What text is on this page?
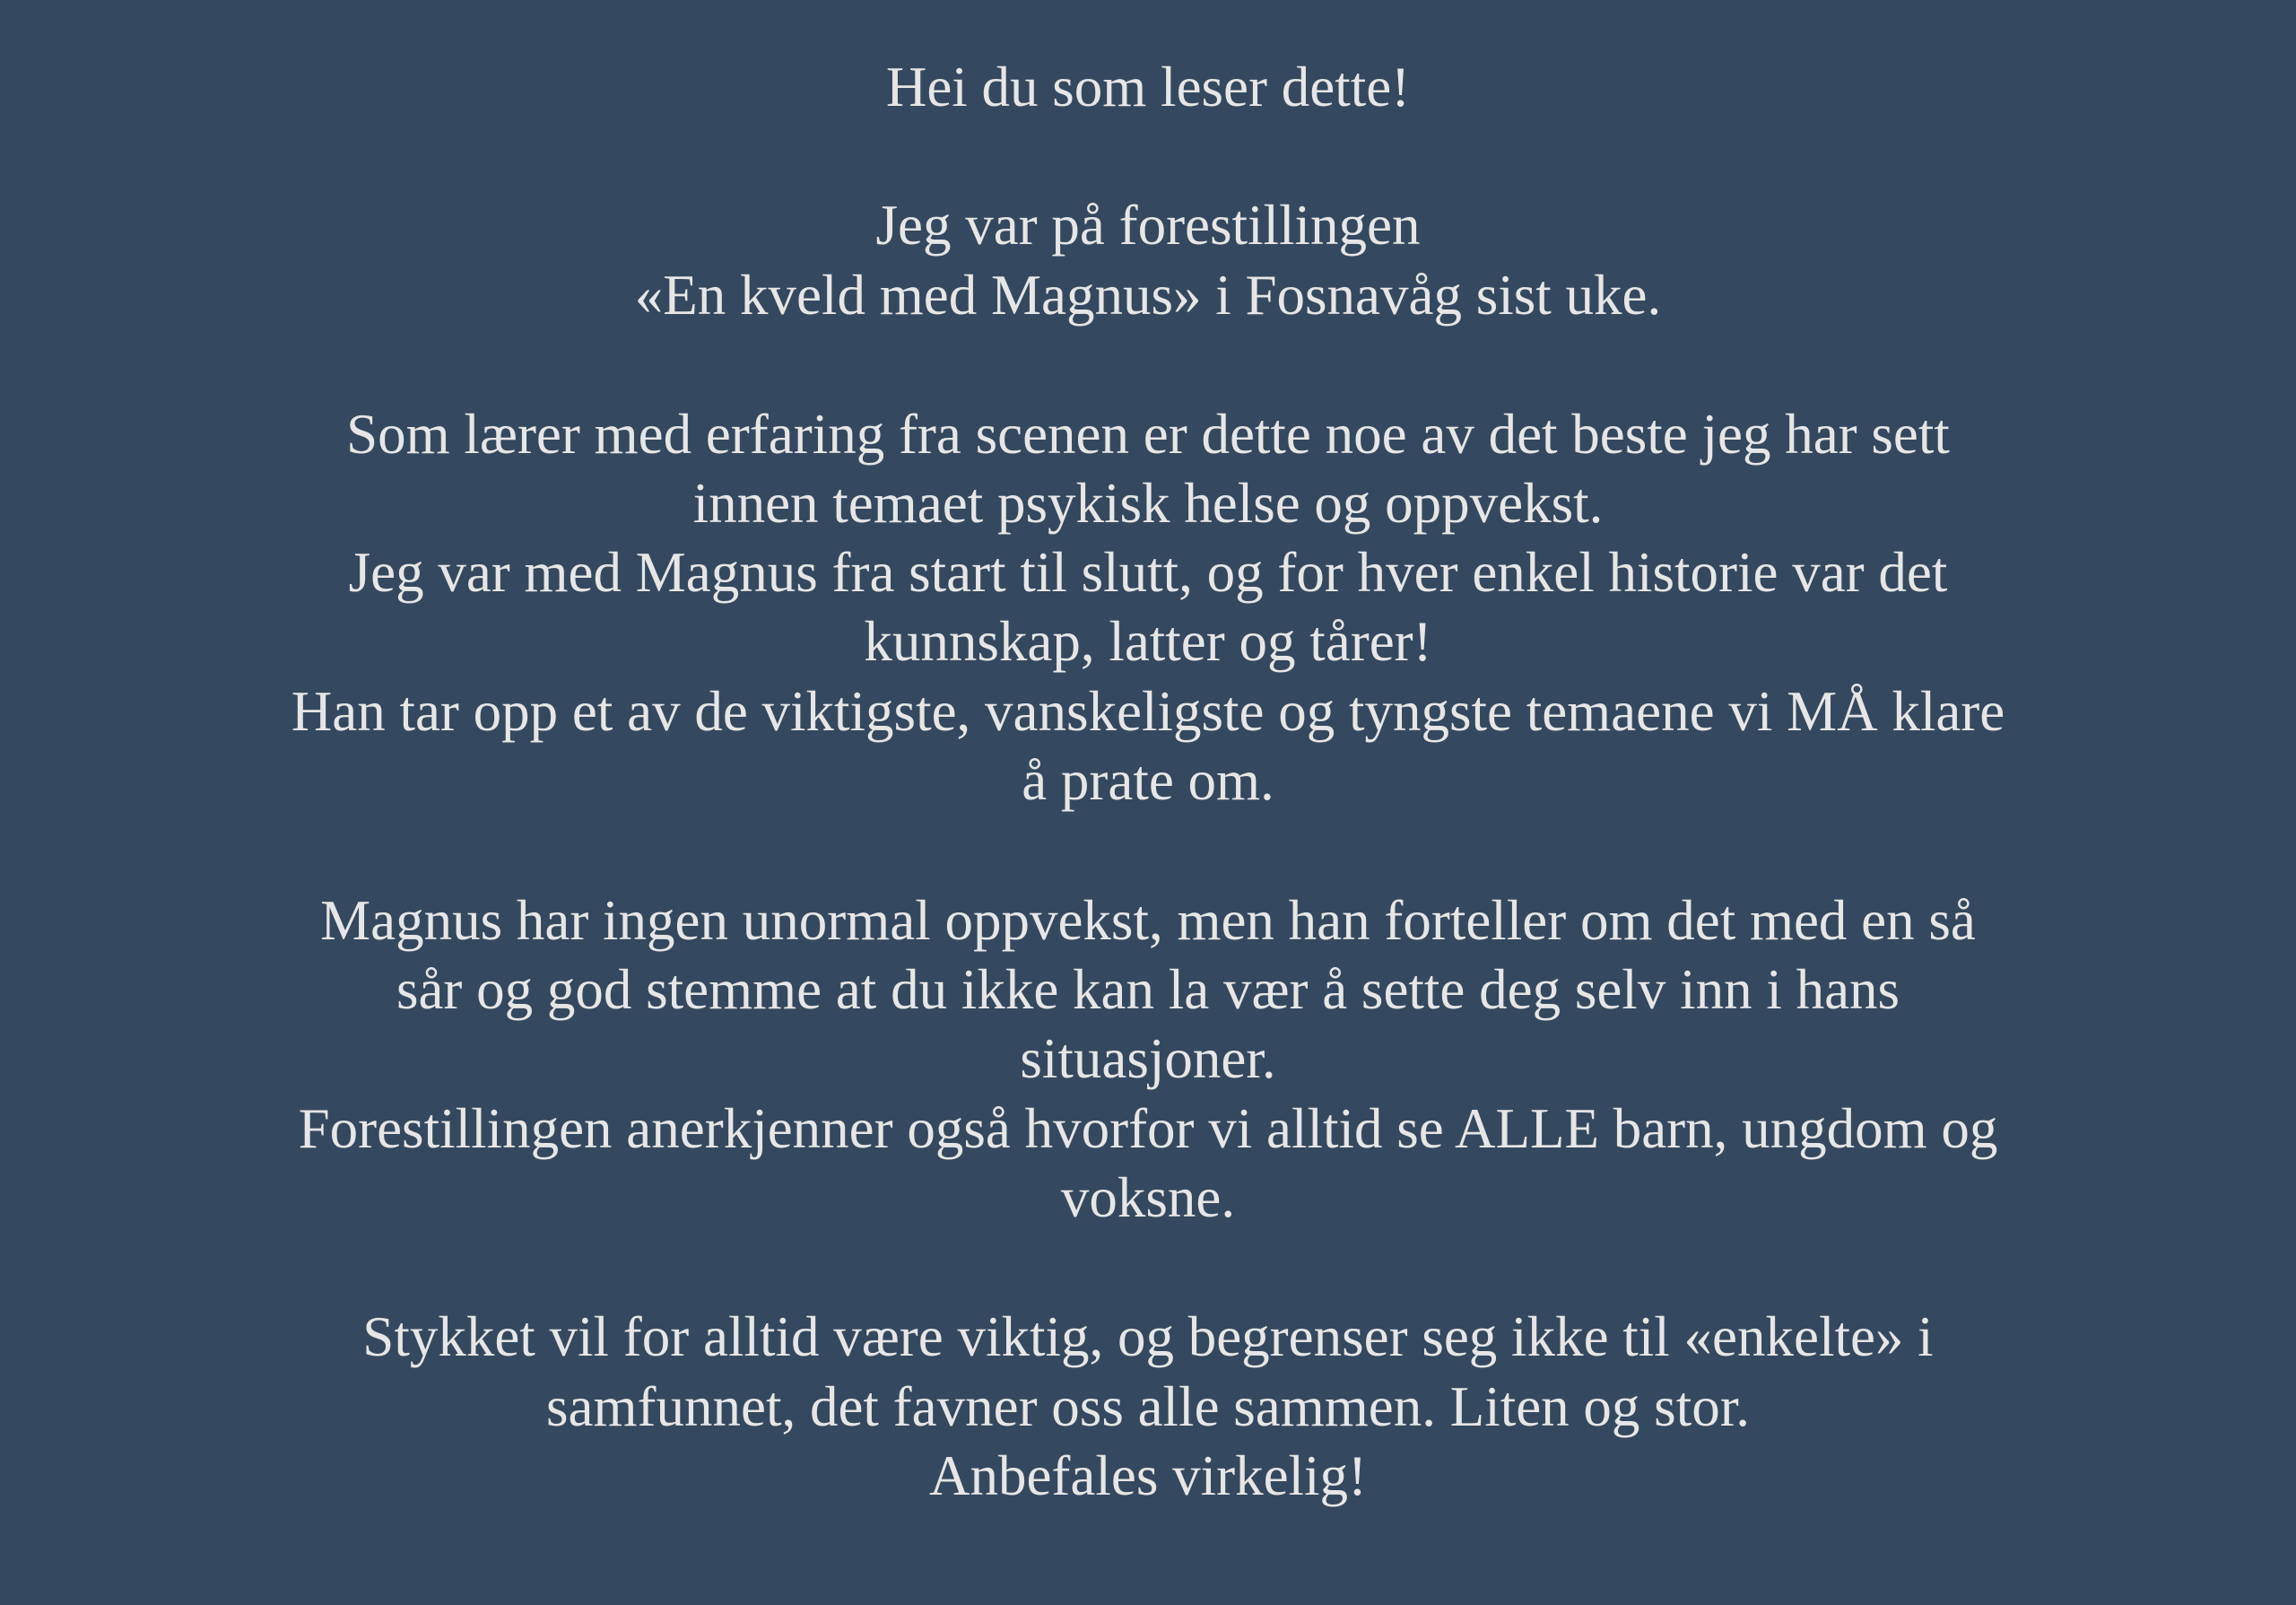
Hei du som leser dette!
Jeg var på forestillingen
«En kveld med Magnus» i Fosnavåg sist uke.
Som lærer med erfaring fra scenen er dette noe av det beste jeg har sett
innen temaet psykisk helse og oppvekst.
Jeg var med Magnus fra start til slutt, og for hver enkel historie var det
kunnskap, latter og tårer!
Han tar opp et av de viktigste, vanskeligste og tyngste temaene vi MÅ klare
å prate om.
Magnus har ingen unormal oppvekst, men han forteller om det med en så
sår og god stemme at du ikke kan la vær å sette deg selv inn i hans
situasjoner.
Forestillingen anerkjenner også hvorfor vi alltid se ALLE barn, ungdom og
voksne.
Stykket vil for alltid være viktig, og begrenser seg ikke til «enkelte» i
samfunnet, det favner oss alle sammen. Liten og stor.
Anbefales virkelig!
